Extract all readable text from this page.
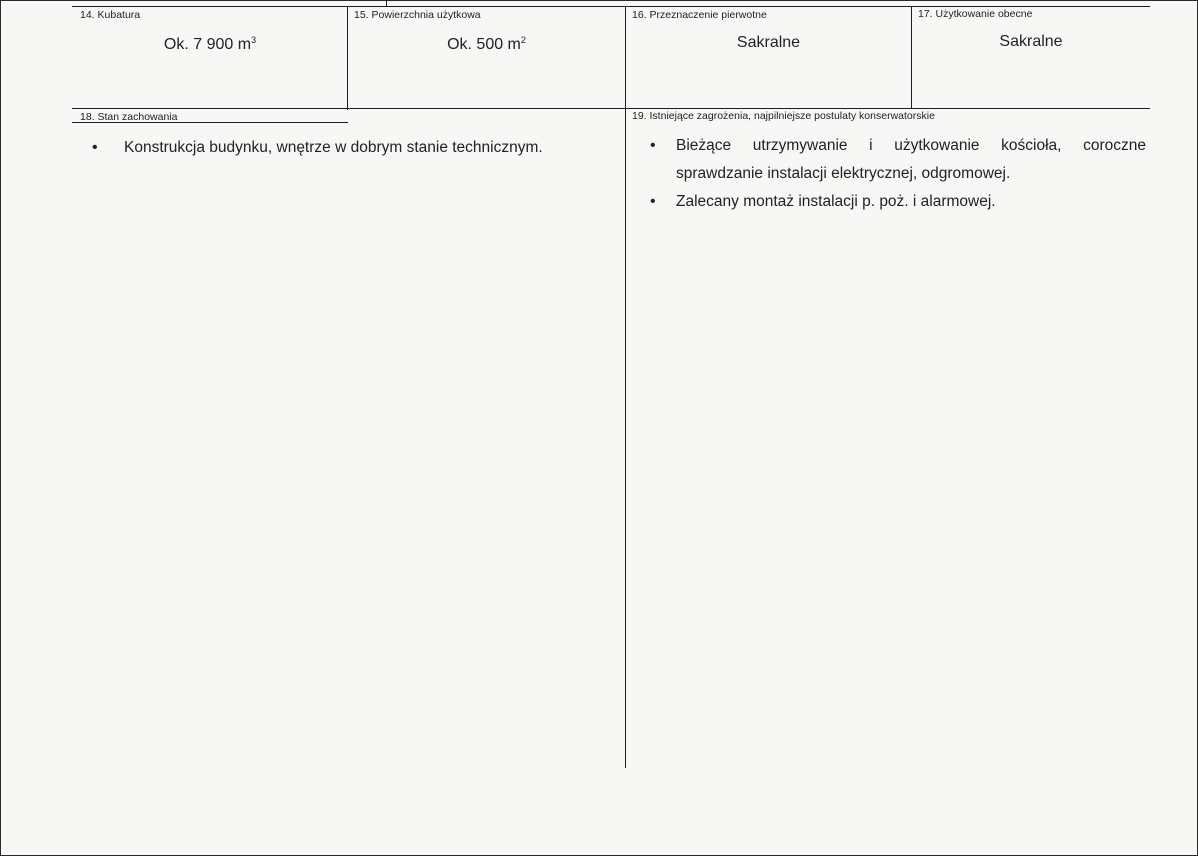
14. Kubatura
Ok. 7 900 $m^3$
15. Powierzchnia użytkowa
Ok. 500 $m^2$
16. Przeznaczenie pierwotne
Sakralne
17. Użytkowanie obecne
Sakralne
18. Stan zachowania
•	Konstrukcja budynku, wnętrze w dobrym stanie technicznym.
19. Istniejące zagrożenia, najpilniejsze postulaty konserwatorskie
•	Bieżące utrzymywanie i użytkowanie kościoła, coroczne
sprawdzanie instalacji elektrycznej, odgromowej.
•	Zalecany montaż instalacji p. poż. i alarmowej.
